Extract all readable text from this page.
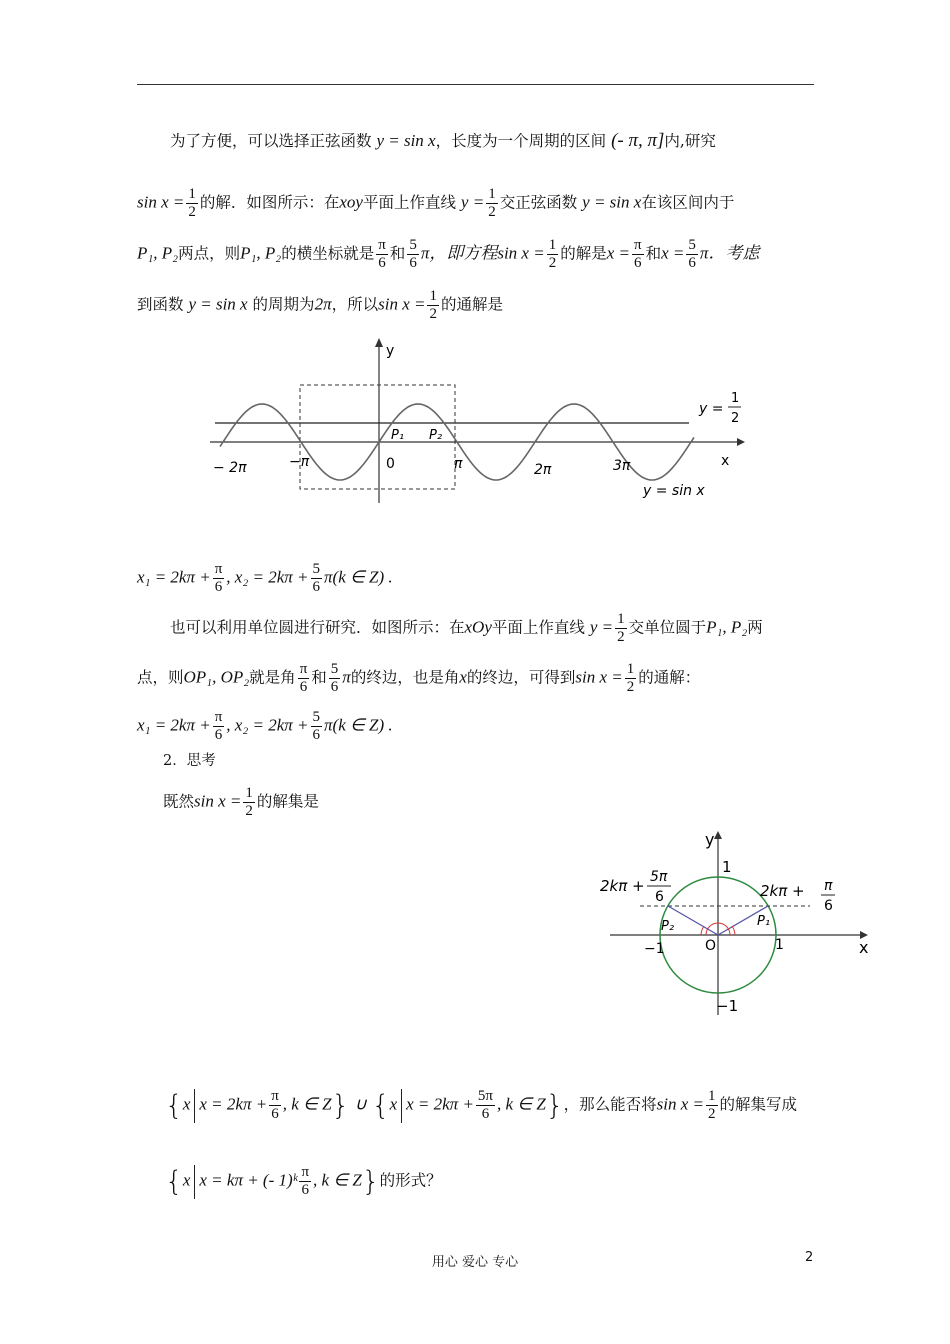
为了方便，可以选择正弦函数 y = sin x，长度为一个周期的区间 (- π, π]内,研究
$\sin x = \frac{1}{2}$ 的解．如图所示：在xoy平面上作直线 $y = \frac{1}{2}$ 交正弦函数 y = sin x在该区间内于
P₁, P₂两点，则P₁, P₂的横坐标就是 $\frac{\pi}{6}$ 和 $\frac{5}{6}$ π，即方程$\sin x = \frac{1}{2}$ 的解是$x = \frac{\pi}{6}$ 和$x = \frac{5}{6}$ π．考虑
到函数 y = sin x 的周期为2π，所以$\sin x = \frac{1}{2}$ 的通解是
y
x
− 2π	−π	0	π	2π	3π
P₁ P₂
y =
1
2
y = sin x
$x_1 = 2k\pi + \frac{\pi}{6}$ , $x_2 = 2k\pi + \frac{5}{6} \pi(k$ ∈ Z) .
也可以利用单位圆进行研究．如图所示：在xOy平面上作直线 $y = \frac{1}{2}$ 交单位圆于P₁, P₂两
点，则OP₁, OP₂就是角 $\frac{\pi}{6}$ 和 $\frac{5}{6}$ π的终边，也是角x的终边，可得到$\sin x = \frac{1}{2}$ 的通解：
$x_1 = 2k\pi + \frac{\pi}{6}$ , $x_2 = 2k\pi + \frac{5}{6} \pi(k$ ∈ Z) .
2．思考
既然$\sin x = \frac{1}{2}$ 的解集是
y
x
1
−1
1
−1	O
P₁
P₂
2kπ + 5π
6	2kπ + π
6
{x $x = 2k\pi + \frac{\pi}{6}$ , k ∈ Z} ∪ {x $x = 2k\pi + \frac{5\pi}{6}$ , k ∈ Z}，那么能否将$\sin x = \frac{1}{2}$ 的解集写成
{x x = kπ + (- 1)ᵏ $\frac{\pi}{6}$ , k ∈ Z}的形式？
用心 爱心 专心	2
